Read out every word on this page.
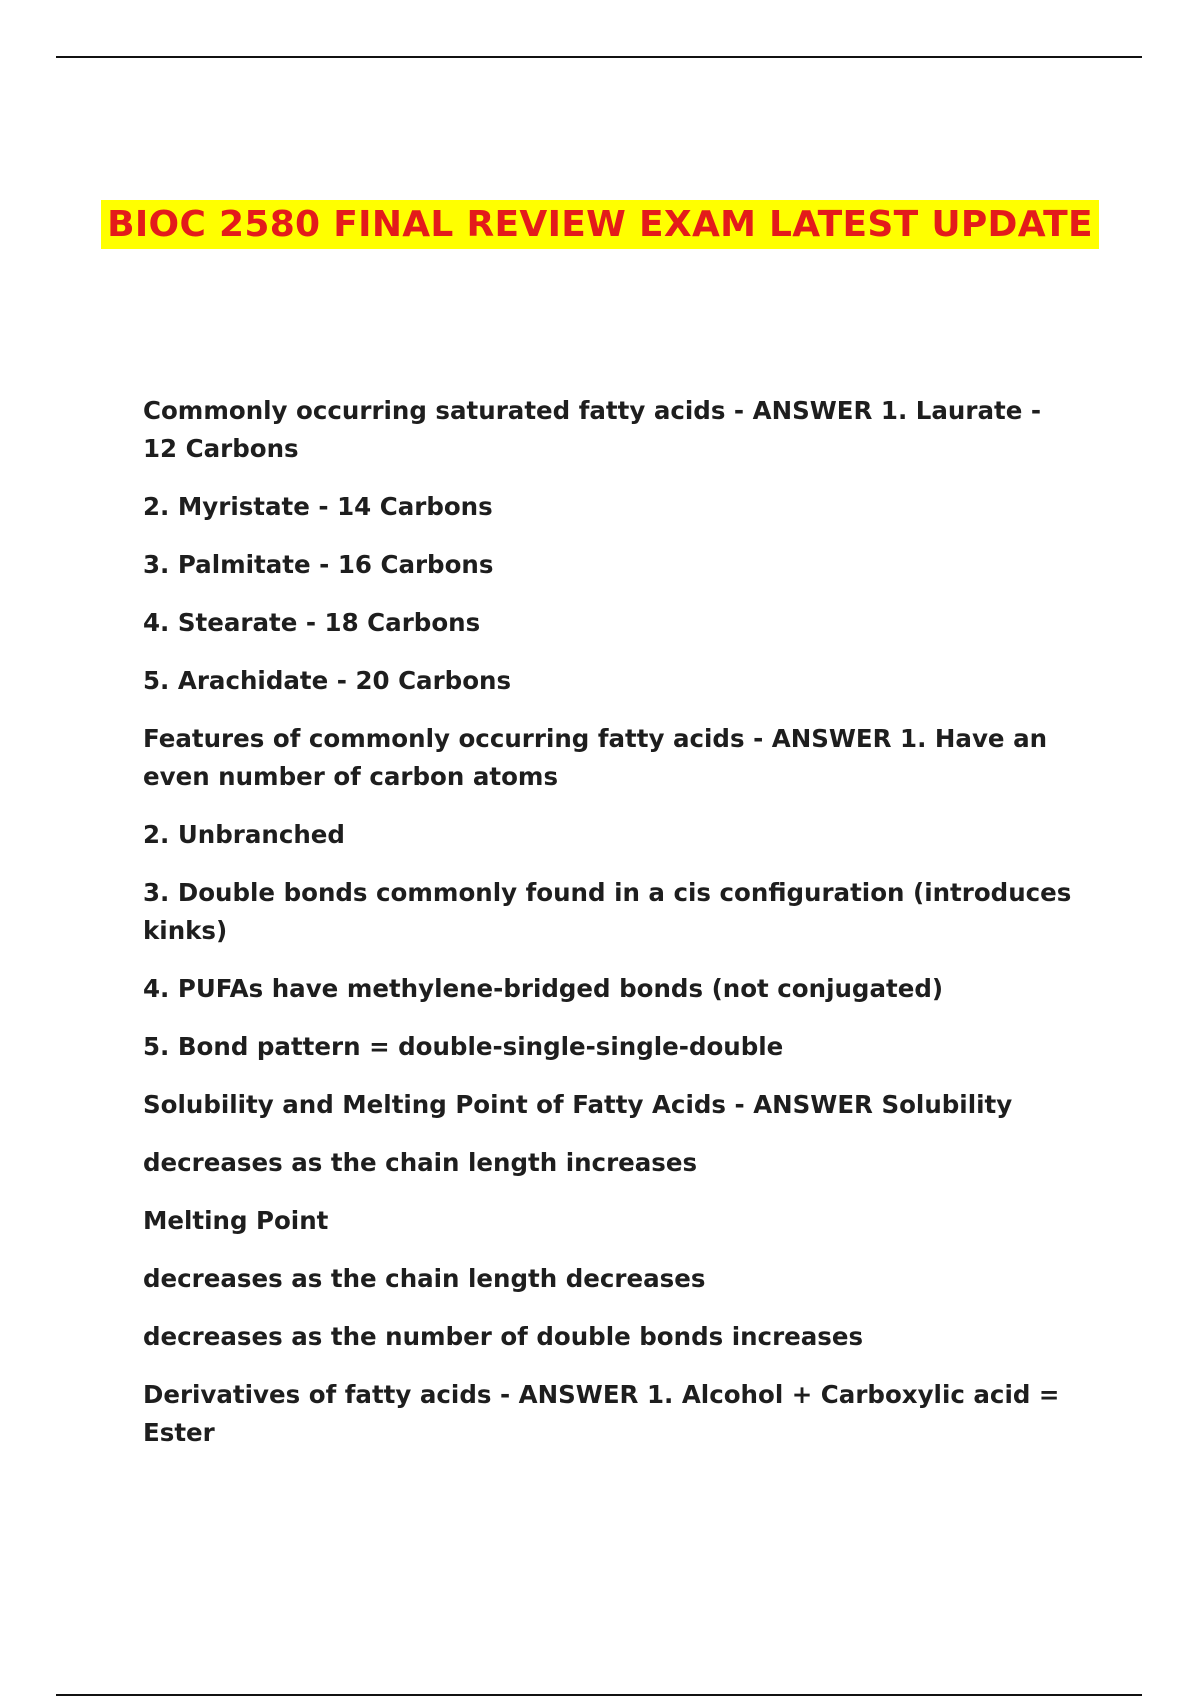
BIOC 2580 FINAL REVIEW EXAM LATEST UPDATE

Commonly occurring saturated fatty acids - ANSWER 1. Laurate - 12 Carbons

2. Myristate - 14 Carbons

3. Palmitate - 16 Carbons

4. Stearate - 18 Carbons

5. Arachidate - 20 Carbons

Features of commonly occurring fatty acids - ANSWER 1. Have an even number of carbon atoms

2. Unbranched

3. Double bonds commonly found in a cis configuration (introduces kinks)

4. PUFAs have methylene-bridged bonds (not conjugated)

5. Bond pattern = double-single-single-double

Solubility and Melting Point of Fatty Acids - ANSWER Solubility

decreases as the chain length increases

Melting Point

decreases as the chain length decreases

decreases as the number of double bonds increases

Derivatives of fatty acids - ANSWER 1. Alcohol + Carboxylic acid = Ester
